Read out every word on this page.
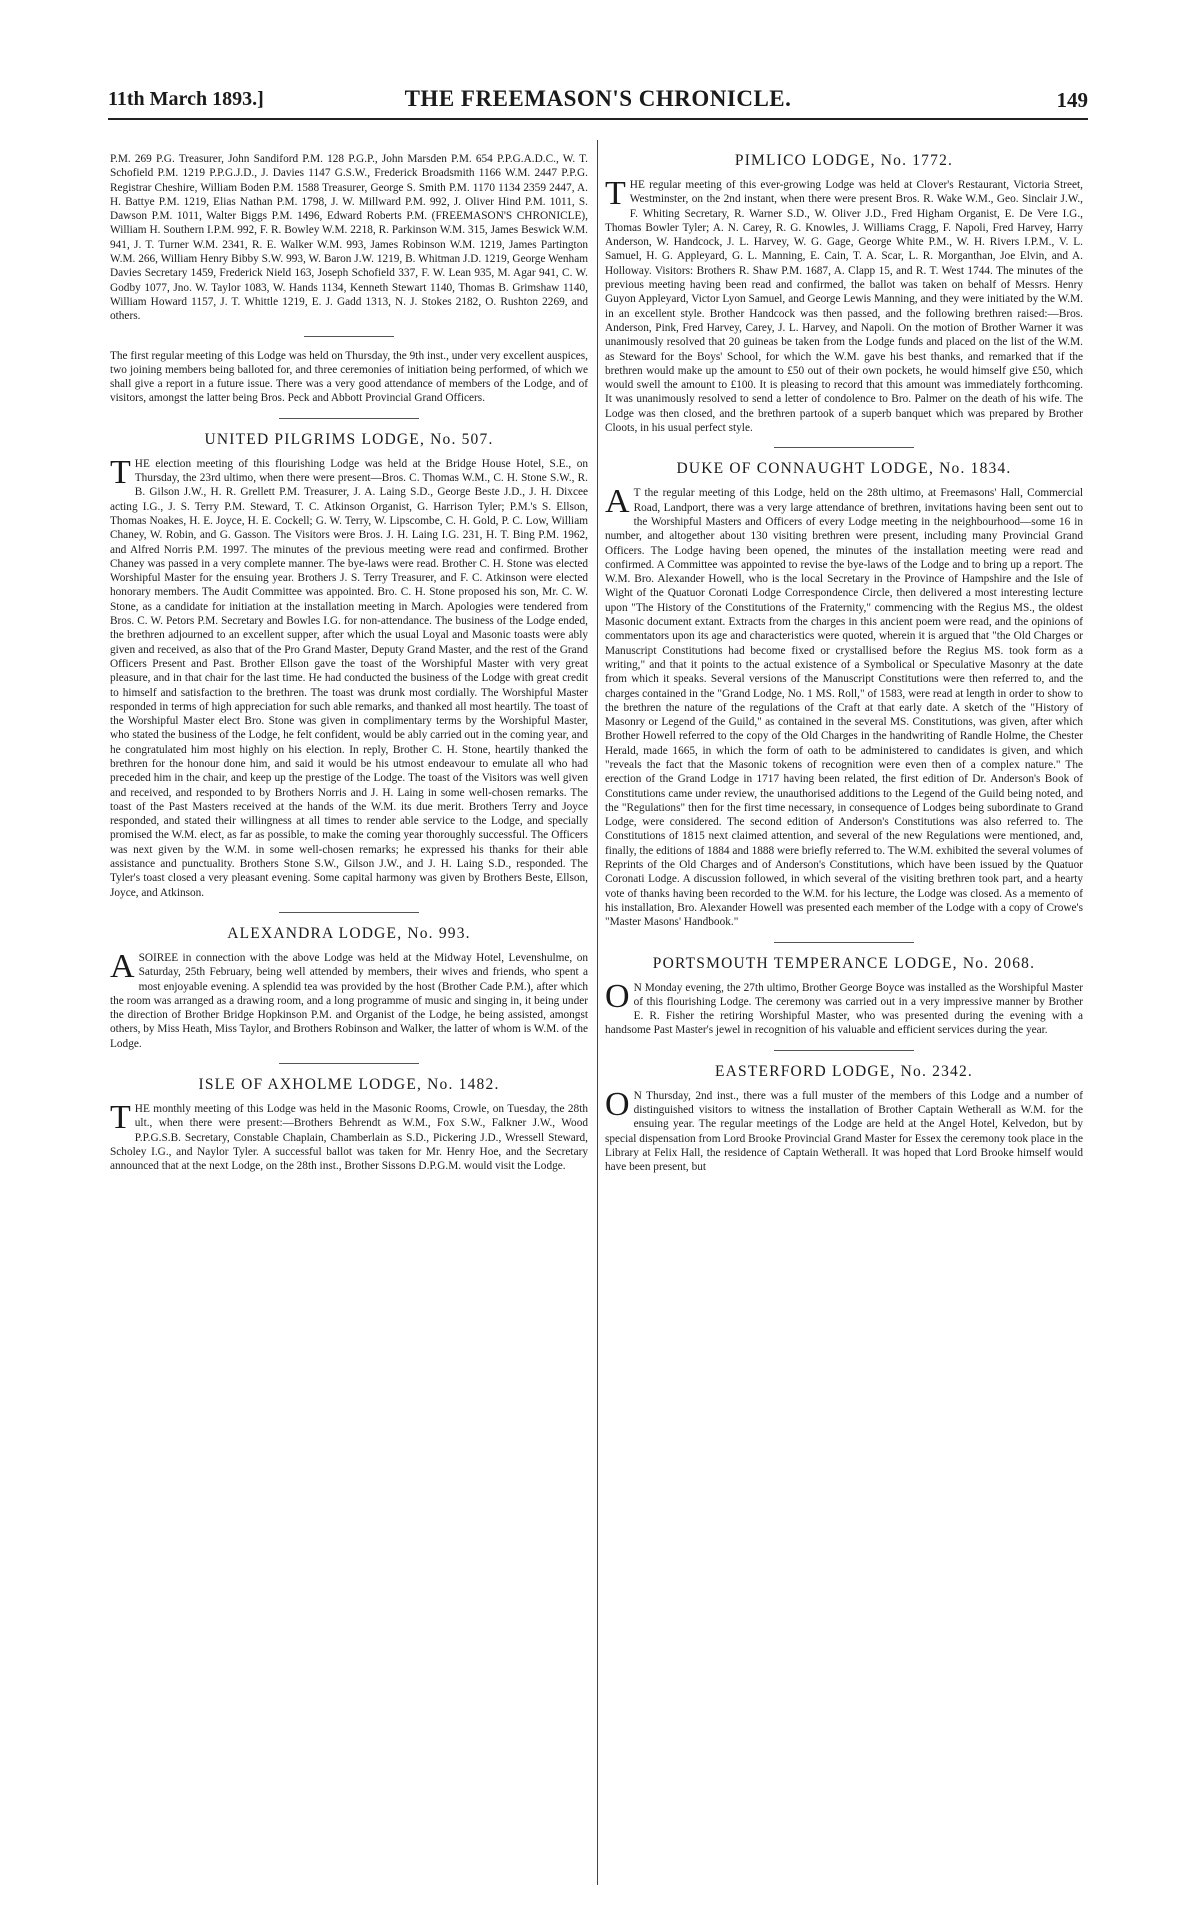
11th March 1893.]	THE FREEMASON'S CHRONICLE.	149

P.M. 269 P.G. Treasurer, John Sandiford P.M. 128 P.G.P., John Marsden P.M. 654 P.P.G.A.D.C., W. T. Schofield P.M. 1219 P.P.G.J.D., J. Davies 1147 G.S.W., Frederick Broadsmith 1166 W.M. 2447 P.P.G. Registrar Cheshire, William Boden P.M. 1588 Treasurer, George S. Smith P.M. 1170 1134 2359 2447, A. H. Battye P.M. 1219, Elias Nathan P.M. 1798, J. W. Millward P.M. 992, J. Oliver Hind P.M. 1011, S. Dawson P.M. 1011, Walter Biggs P.M. 1496, Edward Roberts P.M. (FREEMASON'S CHRONICLE), William H. Southern I.P.M. 992, F. R. Bowley W.M. 2218, R. Parkinson W.M. 315, James Beswick W.M. 941, J. T. Turner W.M. 2341, R. E. Walker W.M. 993, James Robinson W.M. 1219, James Partington W.M. 266, William Henry Bibby S.W. 993, W. Baron J.W. 1219, B. Whitman J.D. 1219, George Wenham Davies Secretary 1459, Frederick Nield 163, Joseph Schofield 337, F. W. Lean 935, M. Agar 941, C. W. Godby 1077, Jno. W. Taylor 1083, W. Hands 1134, Kenneth Stewart 1140, Thomas B. Grimshaw 1140, William Howard 1157, J. T. Whittle 1219, E. J. Gadd 1313, N. J. Stokes 2182, O. Rushton 2269, and others.

The first regular meeting of this Lodge was held on Thursday, the 9th inst., under very excellent auspices, two joining members being balloted for, and three ceremonies of initiation being performed, of which we shall give a report in a future issue. There was a very good attendance of members of the Lodge, and of visitors, amongst the latter being Bros. Peck and Abbott Provincial Grand Officers.

UNITED PILGRIMS LODGE, No. 507.

THE election meeting of this flourishing Lodge was held at the Bridge House Hotel, S.E., on Thursday, the 23rd ultimo, when there were present—Bros. C. Thomas W.M., C. H. Stone S.W., R. B. Gilson J.W., H. R. Grellett P.M. Treasurer, J. A. Laing S.D., George Beste J.D., J. H. Dixcee acting I.G., J. S. Terry P.M. Steward, T. C. Atkinson Organist, G. Harrison Tyler; P.M.'s S. Ellson, Thomas Noakes, H. E. Joyce, H. E. Cockell; G. W. Terry, W. Lipscombe, C. H. Gold, P. C. Low, William Chaney, W. Robin, and G. Gasson. The Visitors were Bros. J. H. Laing I.G. 231, H. T. Bing P.M. 1962, and Alfred Norris P.M. 1997. The minutes of the previous meeting were read and confirmed. Brother Chaney was passed in a very complete manner. The bye-laws were read. Brother C. H. Stone was elected Worshipful Master for the ensuing year. Brothers J. S. Terry Treasurer, and F. C. Atkinson were elected honorary members. The Audit Committee was appointed. Bro. C. H. Stone proposed his son, Mr. C. W. Stone, as a candidate for initiation at the installation meeting in March. Apologies were tendered from Bros. C. W. Petors P.M. Secretary and Bowles I.G. for non-attendance. The business of the Lodge ended, the brethren adjourned to an excellent supper, after which the usual Loyal and Masonic toasts were ably given and received, as also that of the Pro Grand Master, Deputy Grand Master, and the rest of the Grand Officers Present and Past. Brother Ellson gave the toast of the Worshipful Master with very great pleasure, and in that chair for the last time. He had conducted the business of the Lodge with great credit to himself and satisfaction to the brethren. The toast was drunk most cordially. The Worshipful Master responded in terms of high appreciation for such able remarks, and thanked all most heartily. The toast of the Worshipful Master elect Bro. Stone was given in complimentary terms by the Worshipful Master, who stated the business of the Lodge, he felt confident, would be ably carried out in the coming year, and he congratulated him most highly on his election. In reply, Brother C. H. Stone, heartily thanked the brethren for the honour done him, and said it would be his utmost endeavour to emulate all who had preceded him in the chair, and keep up the prestige of the Lodge. The toast of the Visitors was well given and received, and responded to by Brothers Norris and J. H. Laing in some well-chosen remarks. The toast of the Past Masters received at the hands of the W.M. its due merit. Brothers Terry and Joyce responded, and stated their willingness at all times to render able service to the Lodge, and specially promised the W.M. elect, as far as possible, to make the coming year thoroughly successful. The Officers was next given by the W.M. in some well-chosen remarks; he expressed his thanks for their able assistance and punctuality. Brothers Stone S.W., Gilson J.W., and J. H. Laing S.D., responded. The Tyler's toast closed a very pleasant evening. Some capital harmony was given by Brothers Beste, Ellson, Joyce, and Atkinson.

ALEXANDRA LODGE, No. 993.

ASOIREE in connection with the above Lodge was held at the Midway Hotel, Levenshulme, on Saturday, 25th February, being well attended by members, their wives and friends, who spent a most enjoyable evening. A splendid tea was provided by the host (Brother Cade P.M.), after which the room was arranged as a drawing room, and a long programme of music and singing in, it being under the direction of Brother Bridge Hopkinson P.M. and Organist of the Lodge, he being assisted, amongst others, by Miss Heath, Miss Taylor, and Brothers Robinson and Walker, the latter of whom is W.M. of the Lodge.

ISLE OF AXHOLME LODGE, No. 1482.

THE monthly meeting of this Lodge was held in the Masonic Rooms, Crowle, on Tuesday, the 28th ult., when there were present:—Brothers Behrendt as W.M., Fox S.W., Falkner J.W., Wood P.P.G.S.B. Secretary, Constable Chaplain, Chamberlain as S.D., Pickering J.D., Wressell Steward, Scholey I.G., and Naylor Tyler. A successful ballot was taken for Mr. Henry Hoe, and the Secretary announced that at the next Lodge, on the 28th inst., Brother Sissons D.P.G.M. would visit the Lodge.

PIMLICO LODGE, No. 1772.

THE regular meeting of this ever-growing Lodge was held at Clover's Restaurant, Victoria Street, Westminster, on the 2nd instant, when there were present Bros. R. Wake W.M., Geo. Sinclair J.W., F. Whiting Secretary, R. Warner S.D., W. Oliver J.D., Fred Higham Organist, E. De Vere I.G., Thomas Bowler Tyler; A. N. Carey, R. G. Knowles, J. Williams Cragg, F. Napoli, Fred Harvey, Harry Anderson, W. Handcock, J. L. Harvey, W. G. Gage, George White P.M., W. H. Rivers I.P.M., V. L. Samuel, H. G. Appleyard, G. L. Manning, E. Cain, T. A. Scar, L. R. Morganthan, Joe Elvin, and A. Holloway. Visitors: Brothers R. Shaw P.M. 1687, A. Clapp 15, and R. T. West 1744. The minutes of the previous meeting having been read and confirmed, the ballot was taken on behalf of Messrs. Henry Guyon Appleyard, Victor Lyon Samuel, and George Lewis Manning, and they were initiated by the W.M. in an excellent style. Brother Handcock was then passed, and the following brethren raised:—Bros. Anderson, Pink, Fred Harvey, Carey, J. L. Harvey, and Napoli. On the motion of Brother Warner it was unanimously resolved that 20 guineas be taken from the Lodge funds and placed on the list of the W.M. as Steward for the Boys' School, for which the W.M. gave his best thanks, and remarked that if the brethren would make up the amount to £50 out of their own pockets, he would himself give £50, which would swell the amount to £100. It is pleasing to record that this amount was immediately forthcoming. It was unanimously resolved to send a letter of condolence to Bro. Palmer on the death of his wife. The Lodge was then closed, and the brethren partook of a superb banquet which was prepared by Brother Cloots, in his usual perfect style.

DUKE OF CONNAUGHT LODGE, No. 1834.

AT the regular meeting of this Lodge, held on the 28th ultimo, at Freemasons' Hall, Commercial Road, Landport, there was a very large attendance of brethren, invitations having been sent out to the Worshipful Masters and Officers of every Lodge meeting in the neighbourhood—some 16 in number, and altogether about 130 visiting brethren were present, including many Provincial Grand Officers. The Lodge having been opened, the minutes of the installation meeting were read and confirmed. A Committee was appointed to revise the bye-laws of the Lodge and to bring up a report. The W.M. Bro. Alexander Howell, who is the local Secretary in the Province of Hampshire and the Isle of Wight of the Quatuor Coronati Lodge Correspondence Circle, then delivered a most interesting lecture upon "The History of the Constitutions of the Fraternity," commencing with the Regius MS., the oldest Masonic document extant. Extracts from the charges in this ancient poem were read, and the opinions of commentators upon its age and characteristics were quoted, wherein it is argued that "the Old Charges or Manuscript Constitutions had become fixed or crystallised before the Regius MS. took form as a writing," and that it points to the actual existence of a Symbolical or Speculative Masonry at the date from which it speaks. Several versions of the Manuscript Constitutions were then referred to, and the charges contained in the "Grand Lodge, No. 1 MS. Roll," of 1583, were read at length in order to show to the brethren the nature of the regulations of the Craft at that early date. A sketch of the "History of Masonry or Legend of the Guild," as contained in the several MS. Constitutions, was given, after which Brother Howell referred to the copy of the Old Charges in the handwriting of Randle Holme, the Chester Herald, made 1665, in which the form of oath to be administered to candidates is given, and which "reveals the fact that the Masonic tokens of recognition were even then of a complex nature." The erection of the Grand Lodge in 1717 having been related, the first edition of Dr. Anderson's Book of Constitutions came under review, the unauthorised additions to the Legend of the Guild being noted, and the "Regulations" then for the first time necessary, in consequence of Lodges being subordinate to Grand Lodge, were considered. The second edition of Anderson's Constitutions was also referred to. The Constitutions of 1815 next claimed attention, and several of the new Regulations were mentioned, and, finally, the editions of 1884 and 1888 were briefly referred to. The W.M. exhibited the several volumes of Reprints of the Old Charges and of Anderson's Constitutions, which have been issued by the Quatuor Coronati Lodge. A discussion followed, in which several of the visiting brethren took part, and a hearty vote of thanks having been recorded to the W.M. for his lecture, the Lodge was closed. As a memento of his installation, Bro. Alexander Howell was presented each member of the Lodge with a copy of Crowe's "Master Masons' Handbook."

PORTSMOUTH TEMPERANCE LODGE, No. 2068.

ON Monday evening, the 27th ultimo, Brother George Boyce was installed as the Worshipful Master of this flourishing Lodge. The ceremony was carried out in a very impressive manner by Brother E. R. Fisher the retiring Worshipful Master, who was presented during the evening with a handsome Past Master's jewel in recognition of his valuable and efficient services during the year.

EASTERFORD LODGE, No. 2342.

ON Thursday, 2nd inst., there was a full muster of the members of this Lodge and a number of distinguished visitors to witness the installation of Brother Captain Wetherall as W.M. for the ensuing year. The regular meetings of the Lodge are held at the Angel Hotel, Kelvedon, but by special dispensation from Lord Brooke Provincial Grand Master for Essex the ceremony took place in the Library at Felix Hall, the residence of Captain Wetherall. It was hoped that Lord Brooke himself would have been present, but
